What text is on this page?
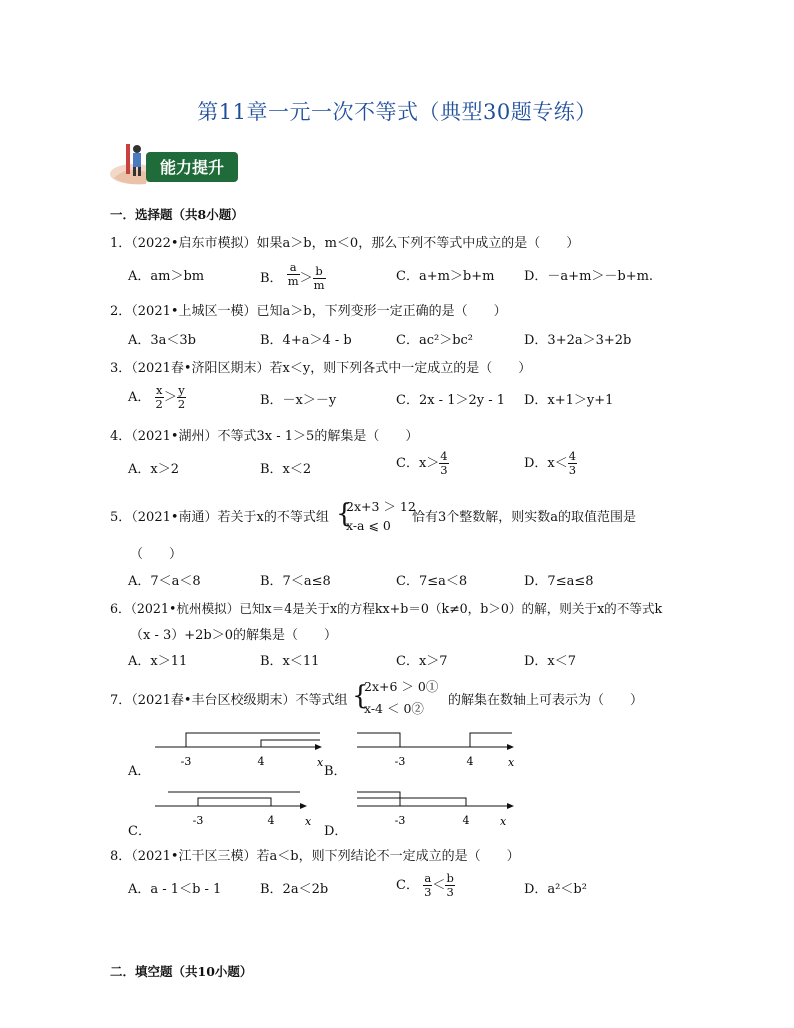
第11章一元一次不等式（典型30题专练）
能力提升
一．选择题（共8小题）
1．（2022•启东市模拟）如果a＞b，m＜0，那么下列不等式中成立的是（　　）
A．am＞bm	B． $\frac{a}{m} > \frac{b}{m}$	C．a+m＞b+m D．－a+m＞－b+m.
2．（2021•上城区一模）已知a＞b，下列变形一定正确的是（　　）
A．3a＜3b	B．4+a＞4 - b	C．ac²＞bc²	D．3+2a＞3+2b
3．（2021春•济阳区期末）若x＜y，则下列各式中一定成立的是（　　）
A． $\frac{x}{2} > \frac{y}{2}$	B．－x＞－y	C．2x - 1＞2y - 1 D．x+1＞y+1
4．（2021•湖州）不等式3x - 1＞5的解集是（　　）
A．x＞2	B．x＜2	C．$x> \frac{4}{3}$	D．$x< \frac{4}{3}$
5．（2021•南通）若关于x的不等式组 {
2x+3 ＞ 12
x-a ⩽ 0
恰有3个整数解，则实数a的取值范围是
（　　）
A．7＜a＜8	B．7＜a≤8	C．7≤a＜8	D．7≤a≤8
6．（2021•杭州模拟）已知x＝4是关于x的方程kx+b＝0（k≠0，b＞0）的解，则关于x的不等式k
（x - 3）+2b＞0的解集是（　　）
A．x＞11	B．x＜11	C．x＞7	D．x＜7
7．（2021春•丰台区校级期末）不等式组 {
2x+6 ＞ 0①
x-4 ＜ 0②
的解集在数轴上可表示为（　　）
A．	B．
C．	D．
-3	4	x	-3	4	x
-3	4	x	-3	4	x
8．（2021•江干区三模）若a＜b，则下列结论不一定成立的是（　　）
A．a - 1＜b - 1	B．2a＜2b	C． $\frac{a}{3} < \frac{b}{3}$	D．a²＜b²
二．填空题（共10小题）
